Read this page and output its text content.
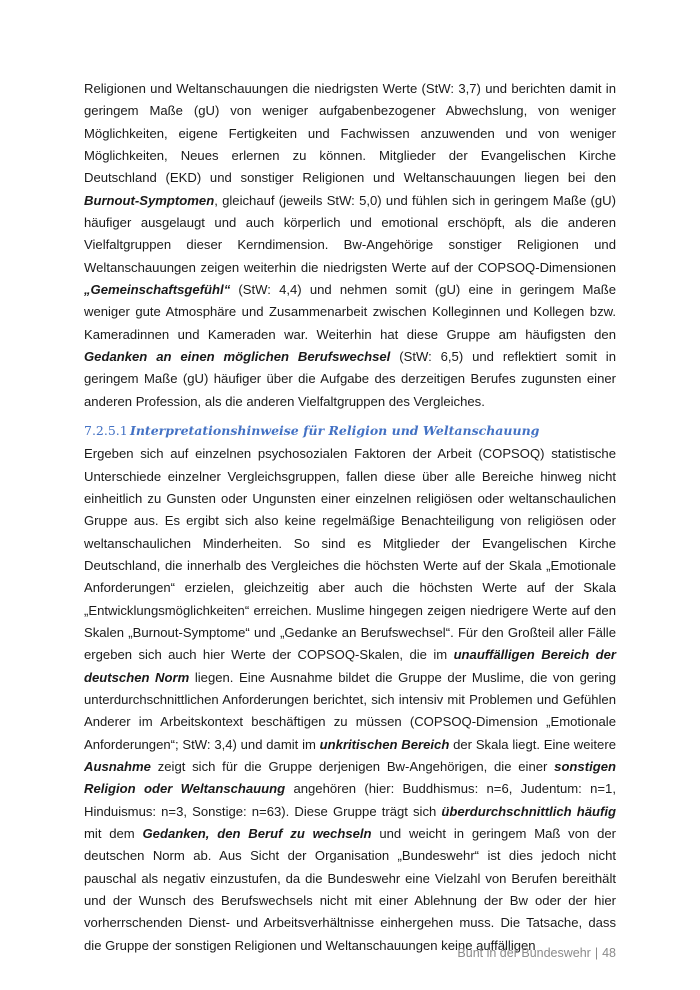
Religionen und Weltanschauungen die niedrigsten Werte (StW: 3,7) und berichten damit in geringem Maße (gU) von weniger aufgabenbezogener Abwechslung, von weniger Möglichkeiten, eigene Fertigkeiten und Fachwissen anzuwenden und von weniger Möglichkeiten, Neues erlernen zu können. Mitglieder der Evangelischen Kirche Deutschland (EKD) und sonstiger Religionen und Weltanschauungen liegen bei den Burnout-Symptomen, gleichauf (jeweils StW: 5,0) und fühlen sich in geringem Maße (gU) häufiger ausgelaugt und auch körperlich und emotional erschöpft, als die anderen Vielfaltgruppen dieser Kerndimension. Bw-Angehörige sonstiger Religionen und Weltanschauungen zeigen weiterhin die niedrigsten Werte auf der COPSOQ-Dimensionen „Gemeinschaftsgefühl“ (StW: 4,4) und nehmen somit (gU) eine in geringem Maße weniger gute Atmosphäre und Zusammenarbeit zwischen Kolleginnen und Kollegen bzw. Kameradinnen und Kameraden war. Weiterhin hat diese Gruppe am häufigsten den Gedanken an einen möglichen Berufswechsel (StW: 6,5) und reflektiert somit in geringem Maße (gU) häufiger über die Aufgabe des derzeitigen Berufes zugunsten einer anderen Profession, als die anderen Vielfaltgruppen des Vergleiches.

7.2.5.1 Interpretationshinweise für Religion und Weltanschauung

Ergeben sich auf einzelnen psychosozialen Faktoren der Arbeit (COPSOQ) statistische Unterschiede einzelner Vergleichsgruppen, fallen diese über alle Bereiche hinweg nicht einheitlich zu Gunsten oder Ungunsten einer einzelnen religiösen oder weltanschaulichen Gruppe aus. Es ergibt sich also keine regelmäßige Benachteiligung von religiösen oder weltanschaulichen Minderheiten. So sind es Mitglieder der Evangelischen Kirche Deutschland, die innerhalb des Vergleiches die höchsten Werte auf der Skala „Emotionale Anforderungen“ erzielen, gleichzeitig aber auch die höchsten Werte auf der Skala „Entwicklungsmöglichkeiten“ erreichen. Muslime hingegen zeigen niedrigere Werte auf den Skalen „Burnout-Symptome“ und „Gedanke an Berufswechsel“. Für den Großteil aller Fälle ergeben sich auch hier Werte der COPSOQ-Skalen, die im unauffälligen Bereich der deutschen Norm liegen. Eine Ausnahme bildet die Gruppe der Muslime, die von gering unterdurchschnittlichen Anforderungen berichtet, sich intensiv mit Problemen und Gefühlen Anderer im Arbeitskontext beschäftigen zu müssen (COPSOQ-Dimension „Emotionale Anforderungen“; StW: 3,4) und damit im unkritischen Bereich der Skala liegt. Eine weitere Ausnahme zeigt sich für die Gruppe derjenigen Bw-Angehörigen, die einer sonstigen Religion oder Weltanschauung angehören (hier: Buddhismus: n=6, Judentum: n=1, Hinduismus: n=3, Sonstige: n=63). Diese Gruppe trägt sich überdurchschnittlich häufig mit dem Gedanken, den Beruf zu wechseln und weicht in geringem Maß von der deutschen Norm ab. Aus Sicht der Organisation „Bundeswehr“ ist dies jedoch nicht pauschal als negativ einzustufen, da die Bundeswehr eine Vielzahl von Berufen bereithält und der Wunsch des Berufswechsels nicht mit einer Ablehnung der Bw oder der hier vorherrschenden Dienst- und Arbeitsverhältnisse einhergehen muss. Die Tatsache, dass die Gruppe der sonstigen Religionen und Weltanschauungen keine auffälligen

Bunt in der Bundeswehr | 48
